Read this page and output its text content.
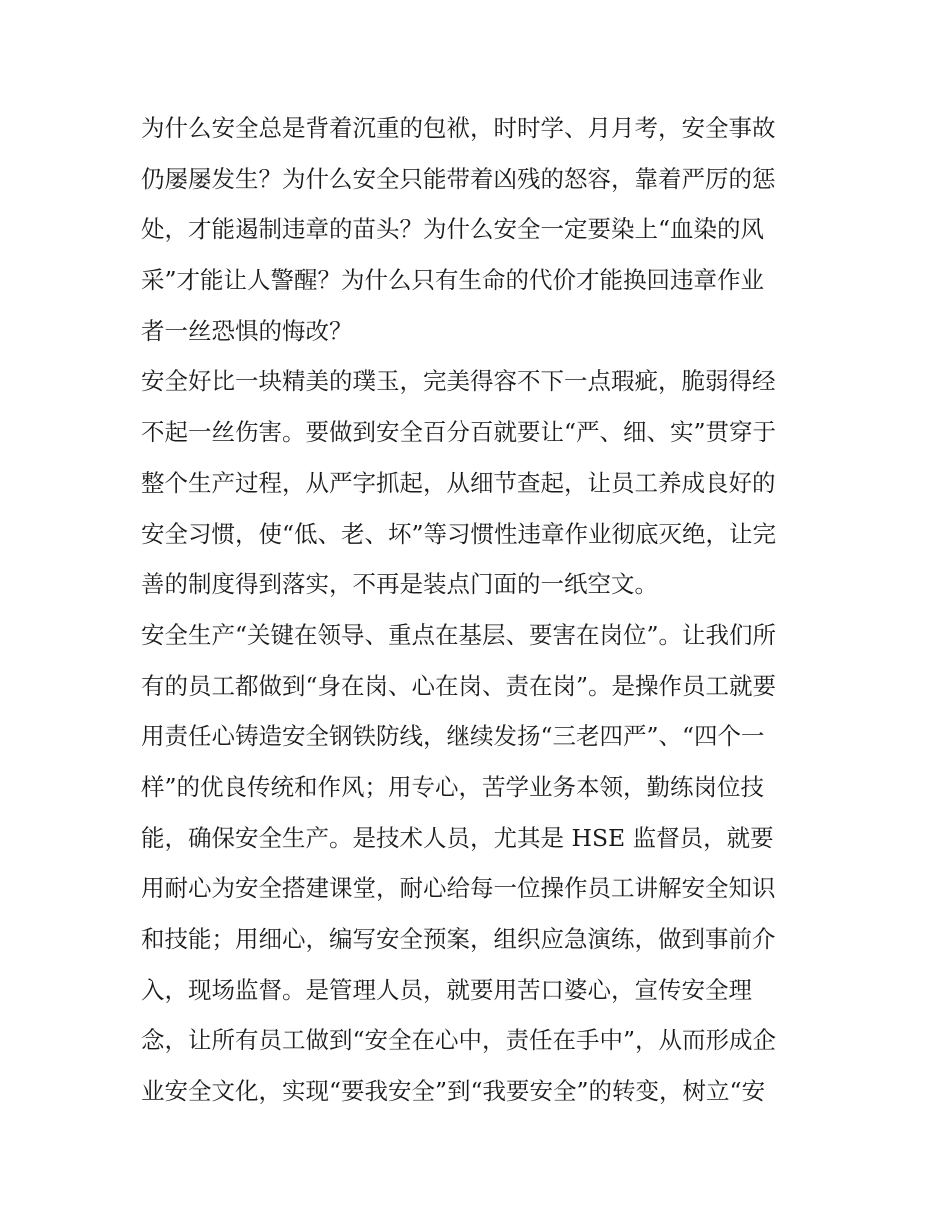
为什么安全总是背着沉重的包袱，时时学、月月考，安全事故
仍屡屡发生？为什么安全只能带着凶残的怒容，靠着严厉的惩
处，才能遏制违章的苗头？为什么安全一定要染上“血染的风
采”才能让人警醒？为什么只有生命的代价才能换回违章作业
者一丝恐惧的悔改？
安全好比一块精美的璞玉，完美得容不下一点瑕疵，脆弱得经
不起一丝伤害。要做到安全百分百就要让“严、细、实”贯穿于
整个生产过程，从严字抓起，从细节查起，让员工养成良好的
安全习惯，使“低、老、坏”等习惯性违章作业彻底灭绝，让完
善的制度得到落实，不再是装点门面的一纸空文。
安全生产“关键在领导、重点在基层、要害在岗位”。让我们所
有的员工都做到“身在岗、心在岗、责在岗”。是操作员工就要
用责任心铸造安全钢铁防线，继续发扬“三老四严”、“四个一
样”的优良传统和作风；用专心，苦学业务本领，勤练岗位技
能，确保安全生产。是技术人员，尤其是 HSE 监督员，就要
用耐心为安全搭建课堂，耐心给每一位操作员工讲解安全知识
和技能；用细心，编写安全预案，组织应急演练，做到事前介
入，现场监督。是管理人员，就要用苦口婆心，宣传安全理
念，让所有员工做到“安全在心中，责任在手中”，从而形成企
业安全文化，实现“要我安全”到“我要安全”的转变，树立“安
